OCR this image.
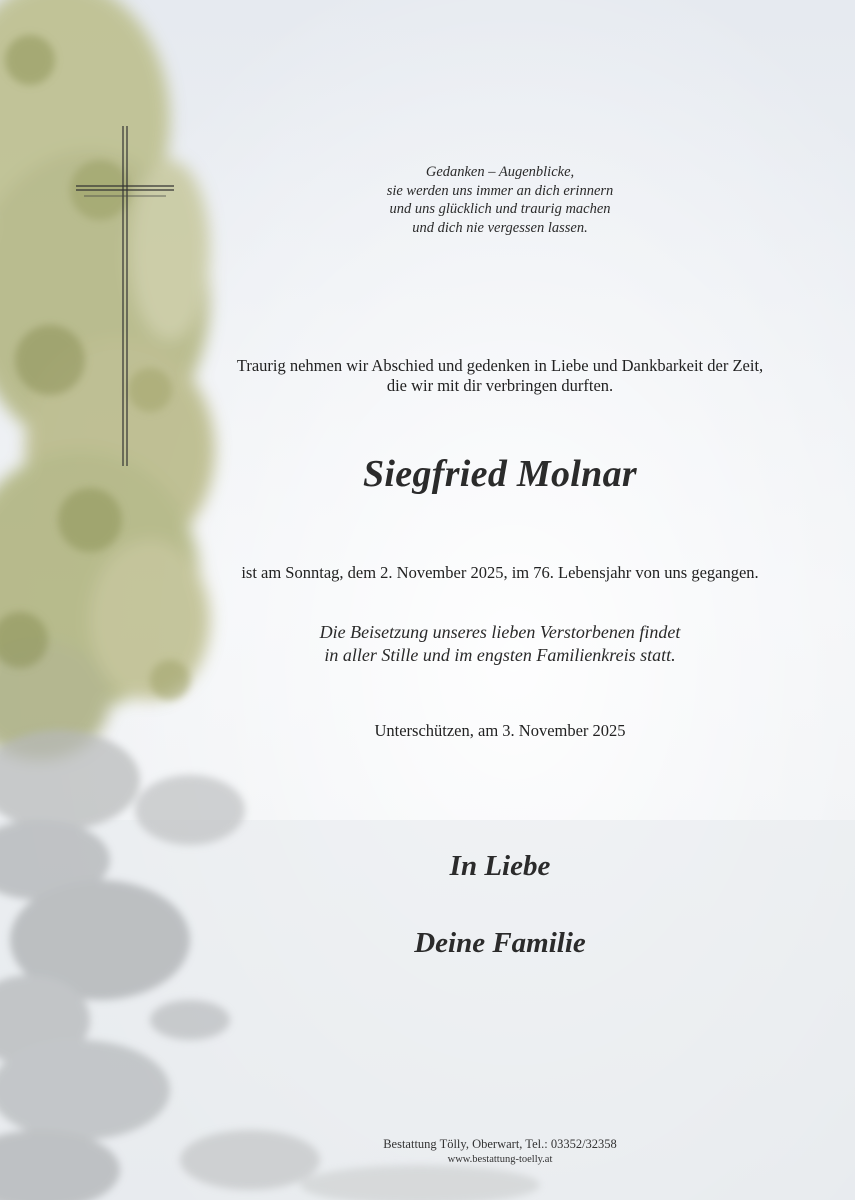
Gedanken – Augenblicke,
sie werden uns immer an dich erinnern
und uns glücklich und traurig machen
und dich nie vergessen lassen.
Traurig nehmen wir Abschied und gedenken in Liebe und Dankbarkeit der Zeit,
die wir mit dir verbringen durften.
Siegfried Molnar
ist am Sonntag, dem 2. November 2025, im 76. Lebensjahr von uns gegangen.
Die Beisetzung unseres lieben Verstorbenen findet
in aller Stille und im engsten Familienkreis statt.
Unterschützen, am 3. November 2025
In Liebe
Deine Familie
Bestattung Tölly, Oberwart, Tel.: 03352/32358
www.bestattung-toelly.at
